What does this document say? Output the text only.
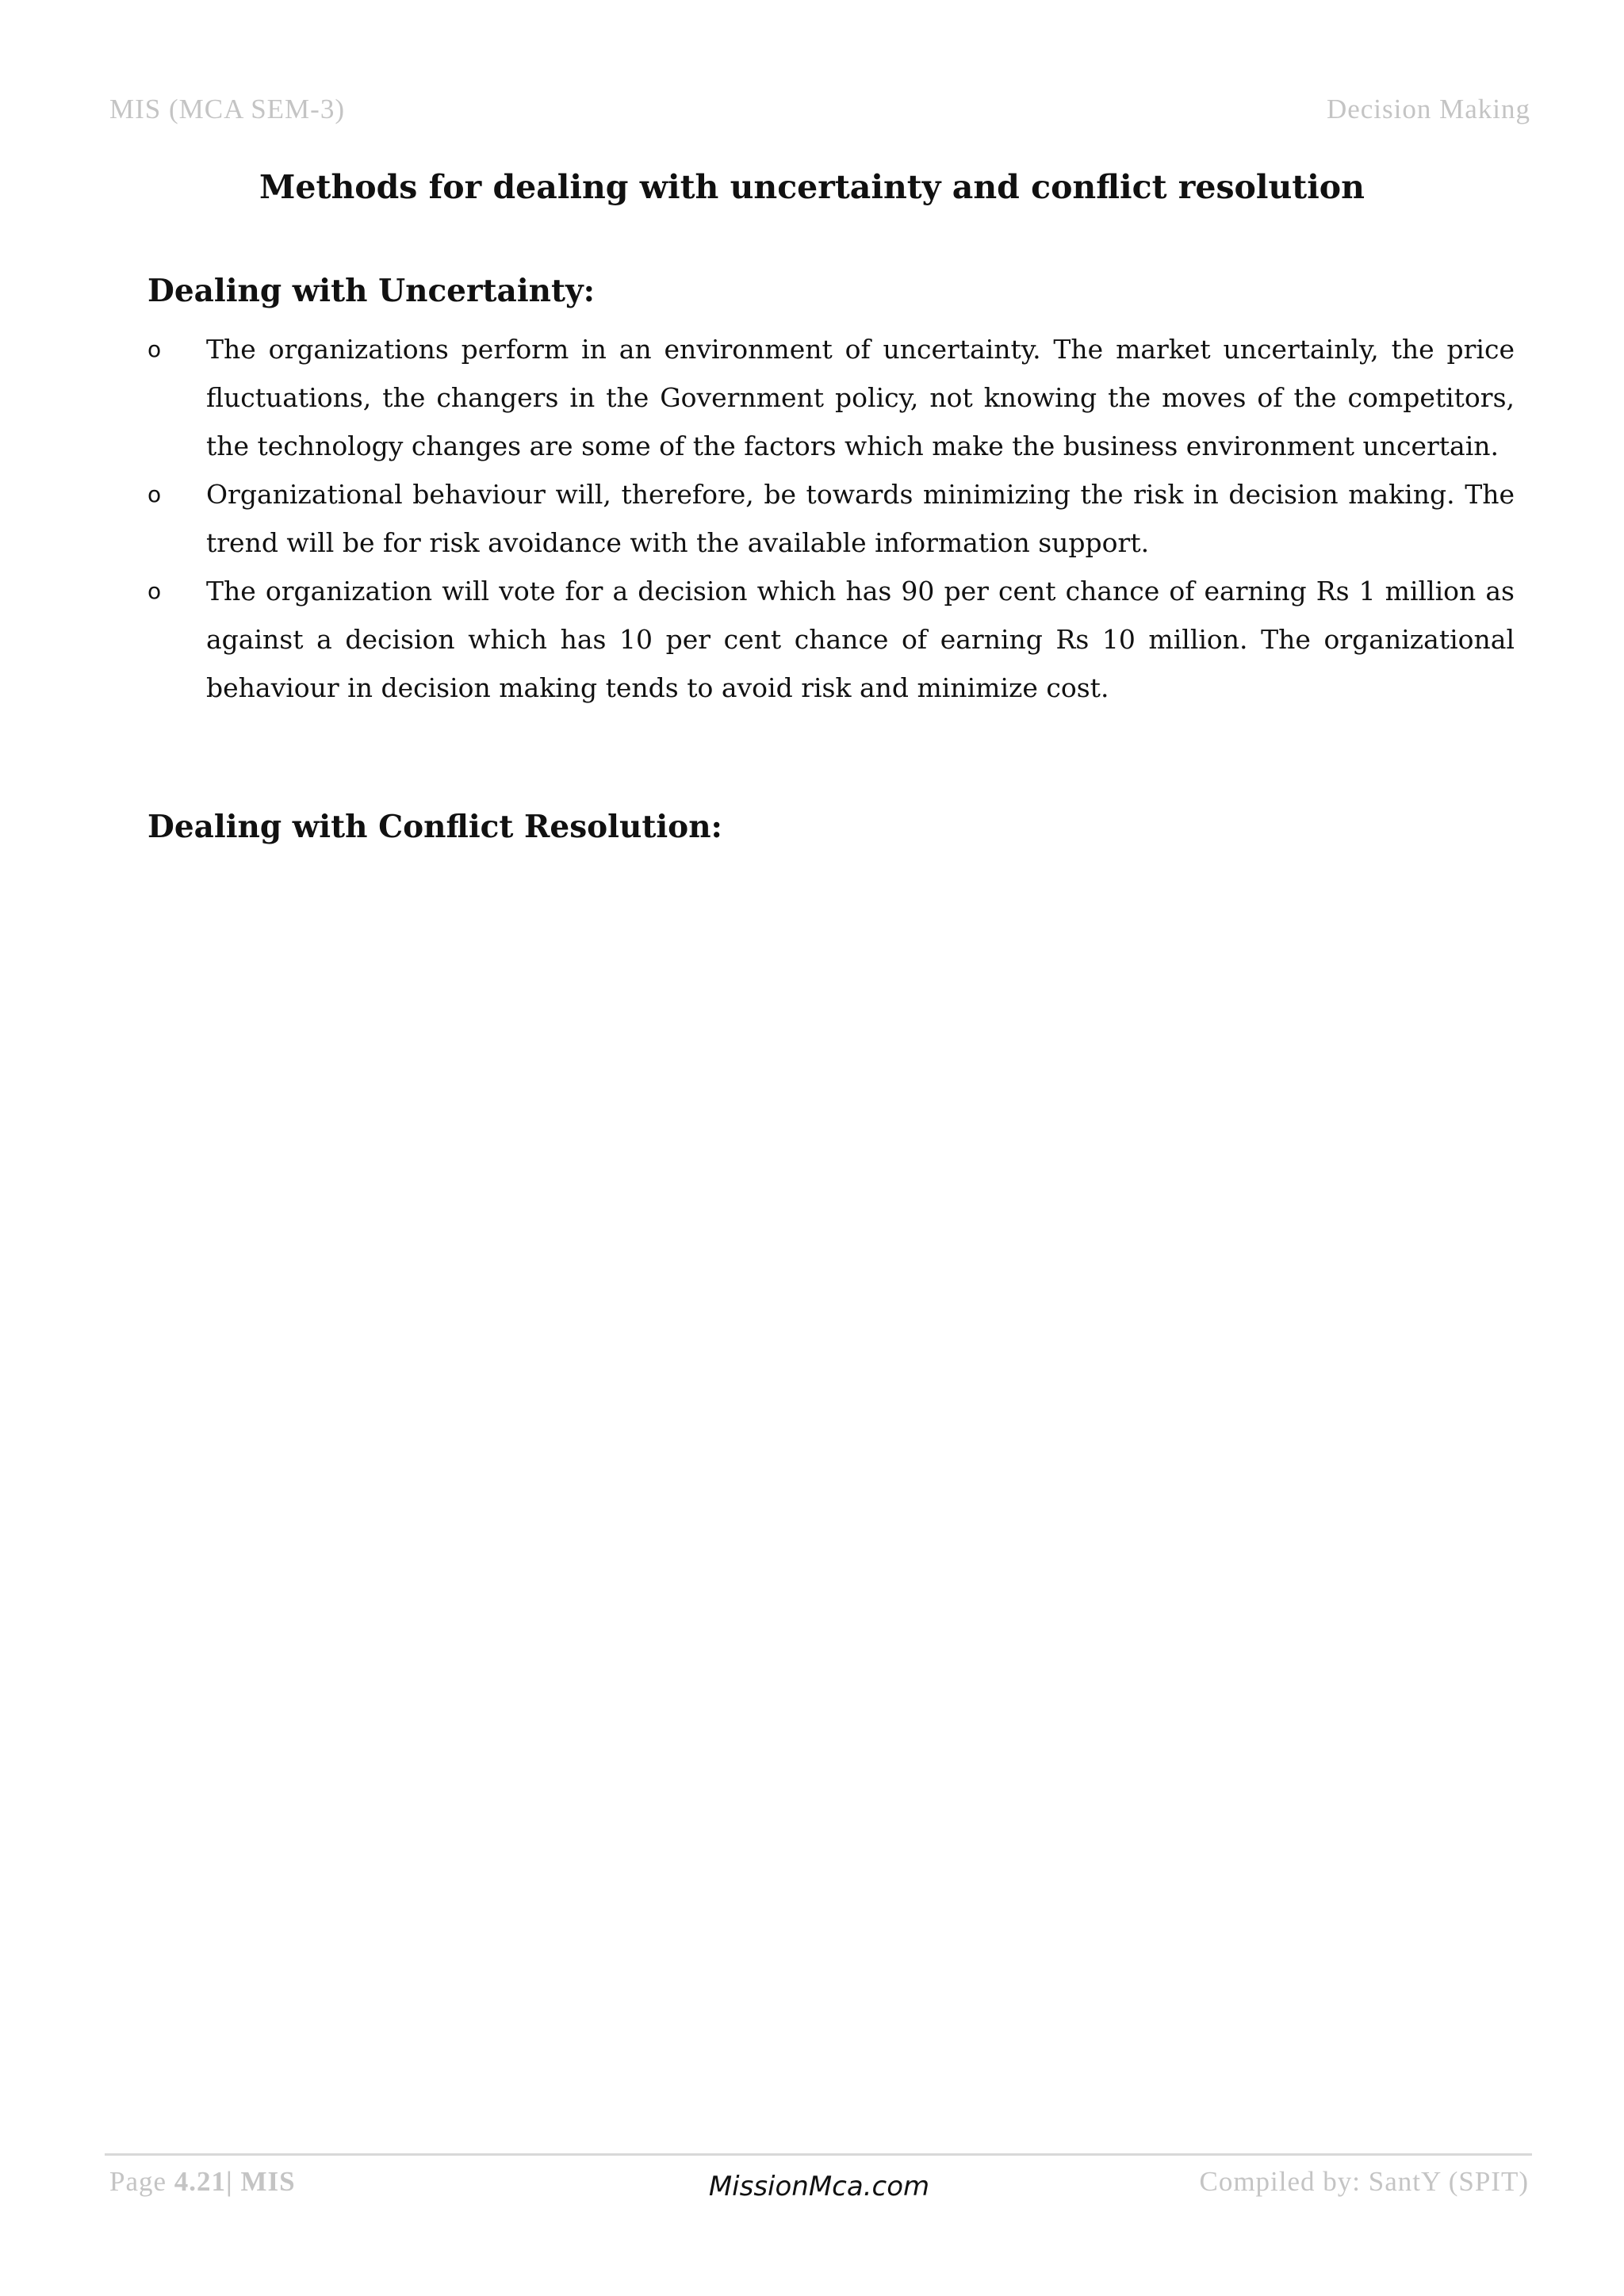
MIS (MCA SEM-3)	Decision Making
Methods for dealing with uncertainty and conflict resolution
Dealing with Uncertainty:
o The organizations perform in an environment of uncertainty. The market uncertainly, the price fluctuations, the changers in the Government policy, not knowing the moves of the competitors, the technology changes are some of the factors which make the business environment uncertain.
o Organizational behaviour will, therefore, be towards minimizing the risk in decision making. The trend will be for risk avoidance with the available information support.
o The organization will vote for a decision which has 90 per cent chance of earning Rs 1 million as against a decision which has 10 per cent chance of earning Rs 10 million. The organizational behaviour in decision making tends to avoid risk and minimize cost.
Dealing with Conflict Resolution:
Page 4.21| MIS	MissionMca.com	Compiled by: SantY (SPIT)
